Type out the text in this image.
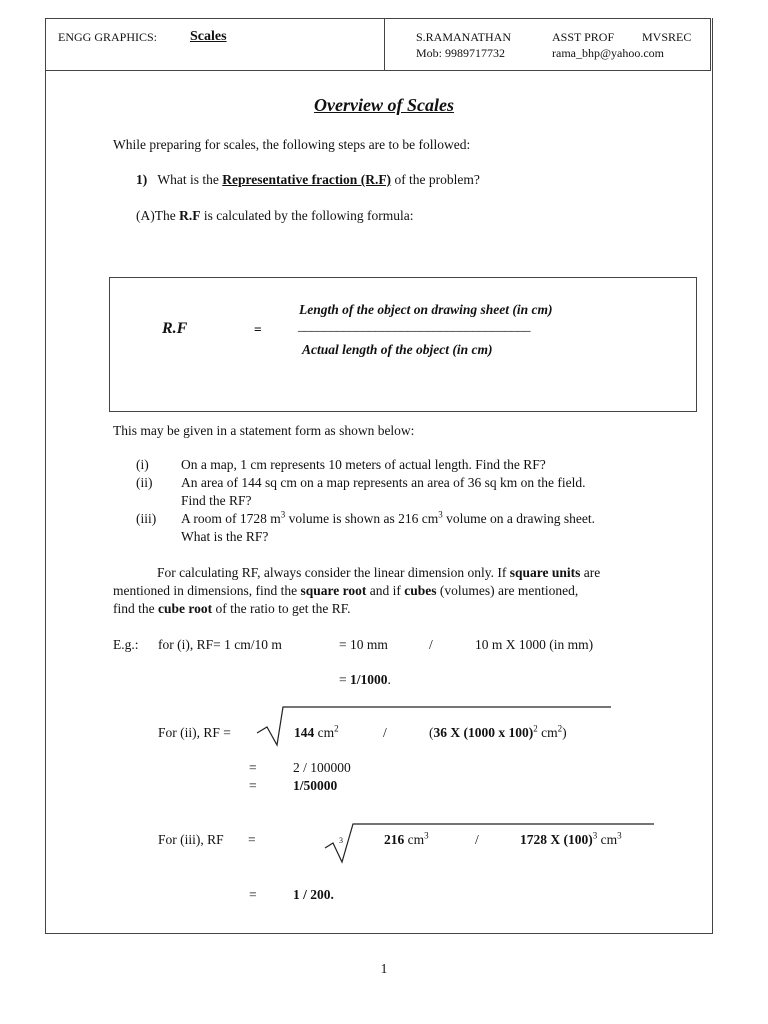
ENGG GRAPHICS: Scales	S.RAMANATHAN	ASST PROF MVSREC
Mob: 9989717732	rama_bhp@yahoo.com
Overview of Scales
While preparing for scales, the following steps are to be followed:
1) What is the Representative fraction (R.F) of the problem?
(A)The R.F is calculated by the following formula:
R.F	=
Length of the object on drawing sheet (in cm)
____________________________________
Actual length of the object (in cm)
This may be given in a statement form as shown below:
(i) On a map, 1 cm represents 10 meters of actual length. Find the RF?
(ii) An area of 144 sq cm on a map represents an area of 36 sq km on the field.
Find the RF?
(iii) A room of 1728 $m^3$ volume is shown as 216 $cm^3$ volume on a drawing sheet.
What is the RF?
For calculating RF, always consider the linear dimension only. If square units are
mentioned in dimensions, find the square root and if cubes (volumes) are mentioned,
find the cube root of the ratio to get the RF.
E.g.: for (i), RF= 1 cm/10 m	= 10 mm	/	10 m X 1000 (in mm)
= 1/1000.
For (ii), RF =	144 $cm^2$	/	(36 X (1000 x 100)$^2$ $cm^2$)
=	2 / 100000
=	1/50000
For (iii), RF =	3	216 $cm^3$	/	1728 X $(100)^3$ $cm^3$
=	1 / 200.
1
